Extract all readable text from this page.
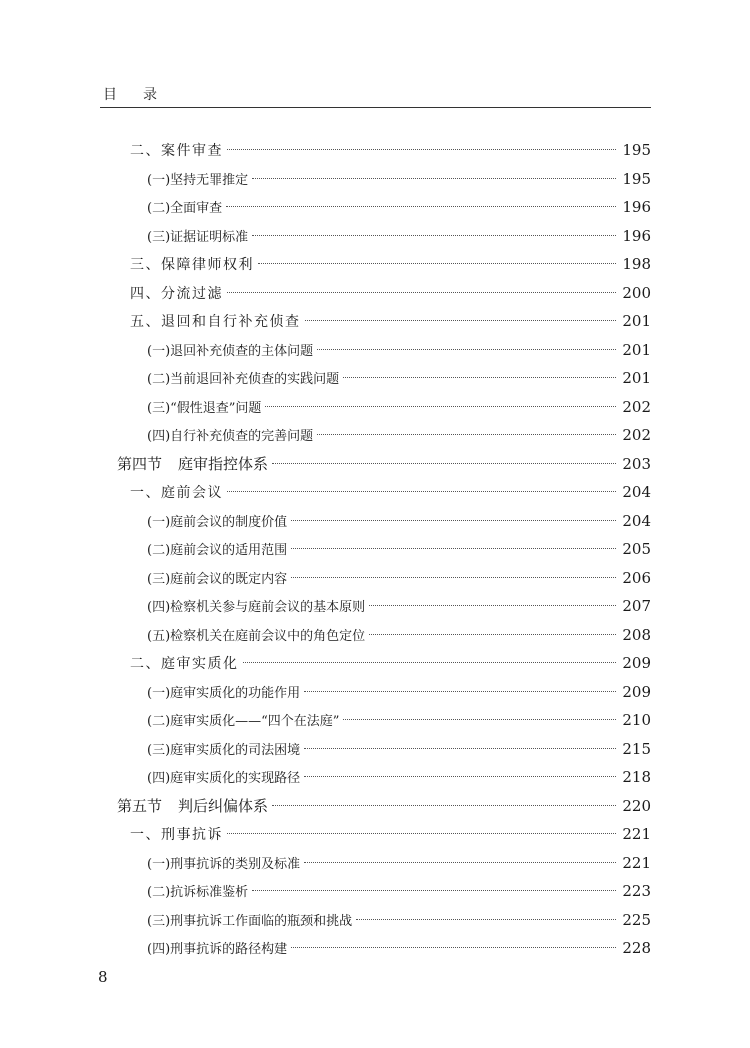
目录
二、案件审查	195
(一)坚持无罪推定	195
(二)全面审查	196
(三)证据证明标准	196
三、保障律师权利	198
四、分流过滤	200
五、退回和自行补充侦查	201
(一)退回补充侦查的主体问题	201
(二)当前退回补充侦查的实践问题	201
(三)“假性退查”问题	202
(四)自行补充侦查的完善问题	202
第四节 庭审指控体系	203
一、庭前会议	204
(一)庭前会议的制度价值	204
(二)庭前会议的适用范围	205
(三)庭前会议的既定内容	206
(四)检察机关参与庭前会议的基本原则	207
(五)检察机关在庭前会议中的角色定位	208
二、庭审实质化	209
(一)庭审实质化的功能作用	209
(二)庭审实质化——“四个在法庭”	210
(三)庭审实质化的司法困境	215
(四)庭审实质化的实现路径	218
第五节 判后纠偏体系	220
一、刑事抗诉	221
(一)刑事抗诉的类别及标准	221
(二)抗诉标准鉴析	223
(三)刑事抗诉工作面临的瓶颈和挑战	225
(四)刑事抗诉的路径构建	228
8
